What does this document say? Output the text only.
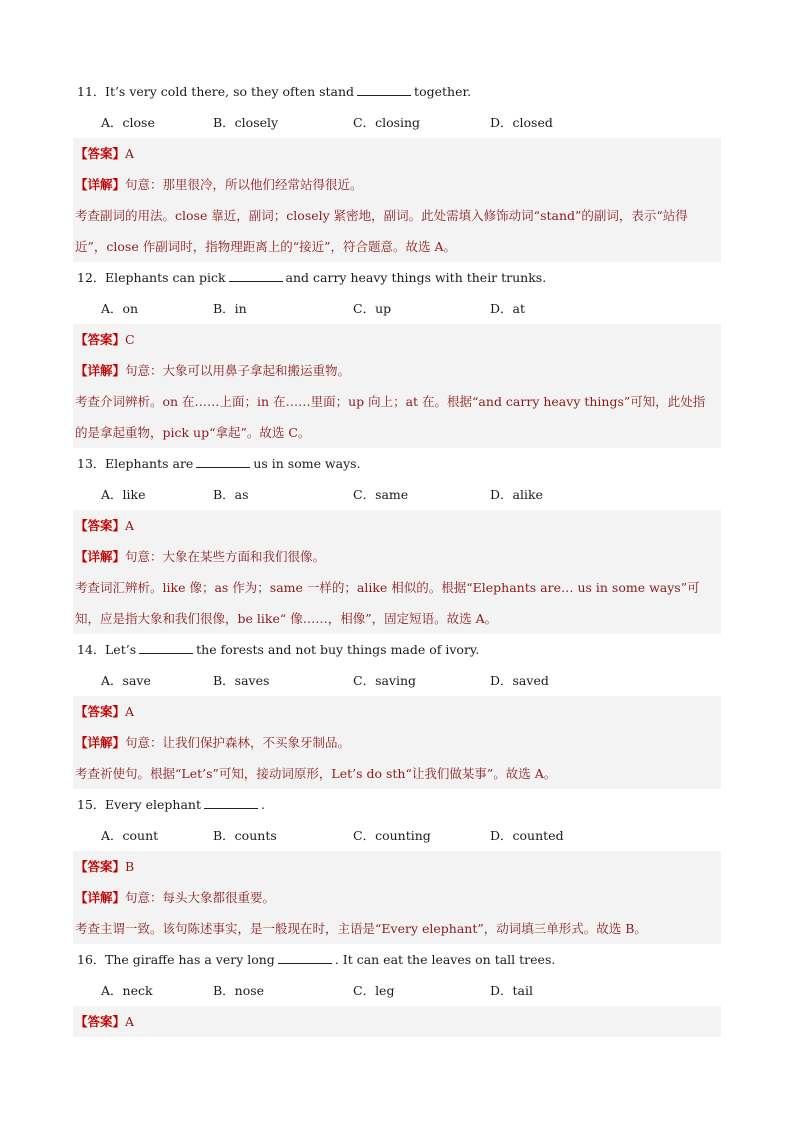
11．It’s very cold there, so they often stand	together.
A．close	B．closely	C．closing	D．closed
【答案】A
【详解】句意：那里很冷，所以他们经常站得很近。
考查副词的用法。close 靠近，副词；closely 紧密地，副词。此处需填入修饰动词“stand”的副词，表示“站得近”，close 作副词时，指物理距离上的“接近”，符合题意。故选 A。
12．Elephants can pick	and carry heavy things with their trunks.
A．on	B．in	C．up	D．at
【答案】C
【详解】句意：大象可以用鼻子拿起和搬运重物。
考查介词辨析。on 在……上面；in 在……里面；up 向上；at 在。根据“and carry heavy things”可知，此处指的是拿起重物，pick up“拿起”。故选 C。
13．Elephants are	us in some ways.
A．like	B．as	C．same	D．alike
【答案】A
【详解】句意：大象在某些方面和我们很像。
考查词汇辨析。like 像；as 作为；same 一样的；alike 相似的。根据“Elephants are… us in some ways”可知，应是指大象和我们很像，be like“ 像……，相像”，固定短语。故选 A。
14．Let’s	the forests and not buy things made of ivory.
A．save	B．saves	C．saving	D．saved
【答案】A
【详解】句意：让我们保护森林，不买象牙制品。
考查祈使句。根据“Let’s”可知，接动词原形，Let’s do sth“让我们做某事”。故选 A。
15．Every elephant	.
A．count	B．counts	C．counting	D．counted
【答案】B
【详解】句意：每头大象都很重要。
考查主谓一致。该句陈述事实，是一般现在时，主语是“Every elephant”，动词填三单形式。故选 B。
16．The giraffe has a very long	. It can eat the leaves on tall trees.
A．neck	B．nose	C．leg	D．tail
【答案】A
